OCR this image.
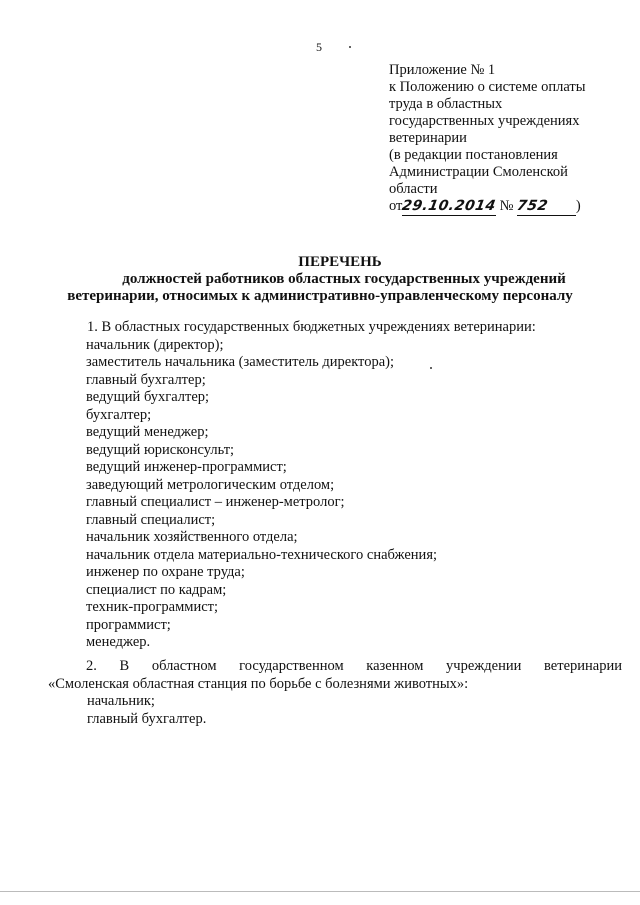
5
Приложение № 1
к Положению о системе оплаты
труда в областных
государственных учреждениях
ветеринарии
(в редакции постановления
Администрации Смоленской
области
от29.10.2014 № 752 )
ПЕРЕЧЕНЬ
должностей работников областных государственных учреждений
ветеринарии, относимых к административно-управленческому персоналу
1. В областных государственных бюджетных учреждениях ветеринарии:
начальник (директор);
заместитель начальника (заместитель директора);
главный бухгалтер;
ведущий бухгалтер;
бухгалтер;
ведущий менеджер;
ведущий юрисконсульт;
ведущий инженер-программист;
заведующий метрологическим отделом;
главный специалист – инженер-метролог;
главный специалист;
начальник хозяйственного отдела;
начальник отдела материально-технического снабжения;
инженер по охране труда;
специалист по кадрам;
техник-программист;
программист;
менеджер.
2. В областном государственном казенном учреждении ветеринарии
«Смоленская областная станция по борьбе с болезнями животных»:
начальник;
главный бухгалтер.
